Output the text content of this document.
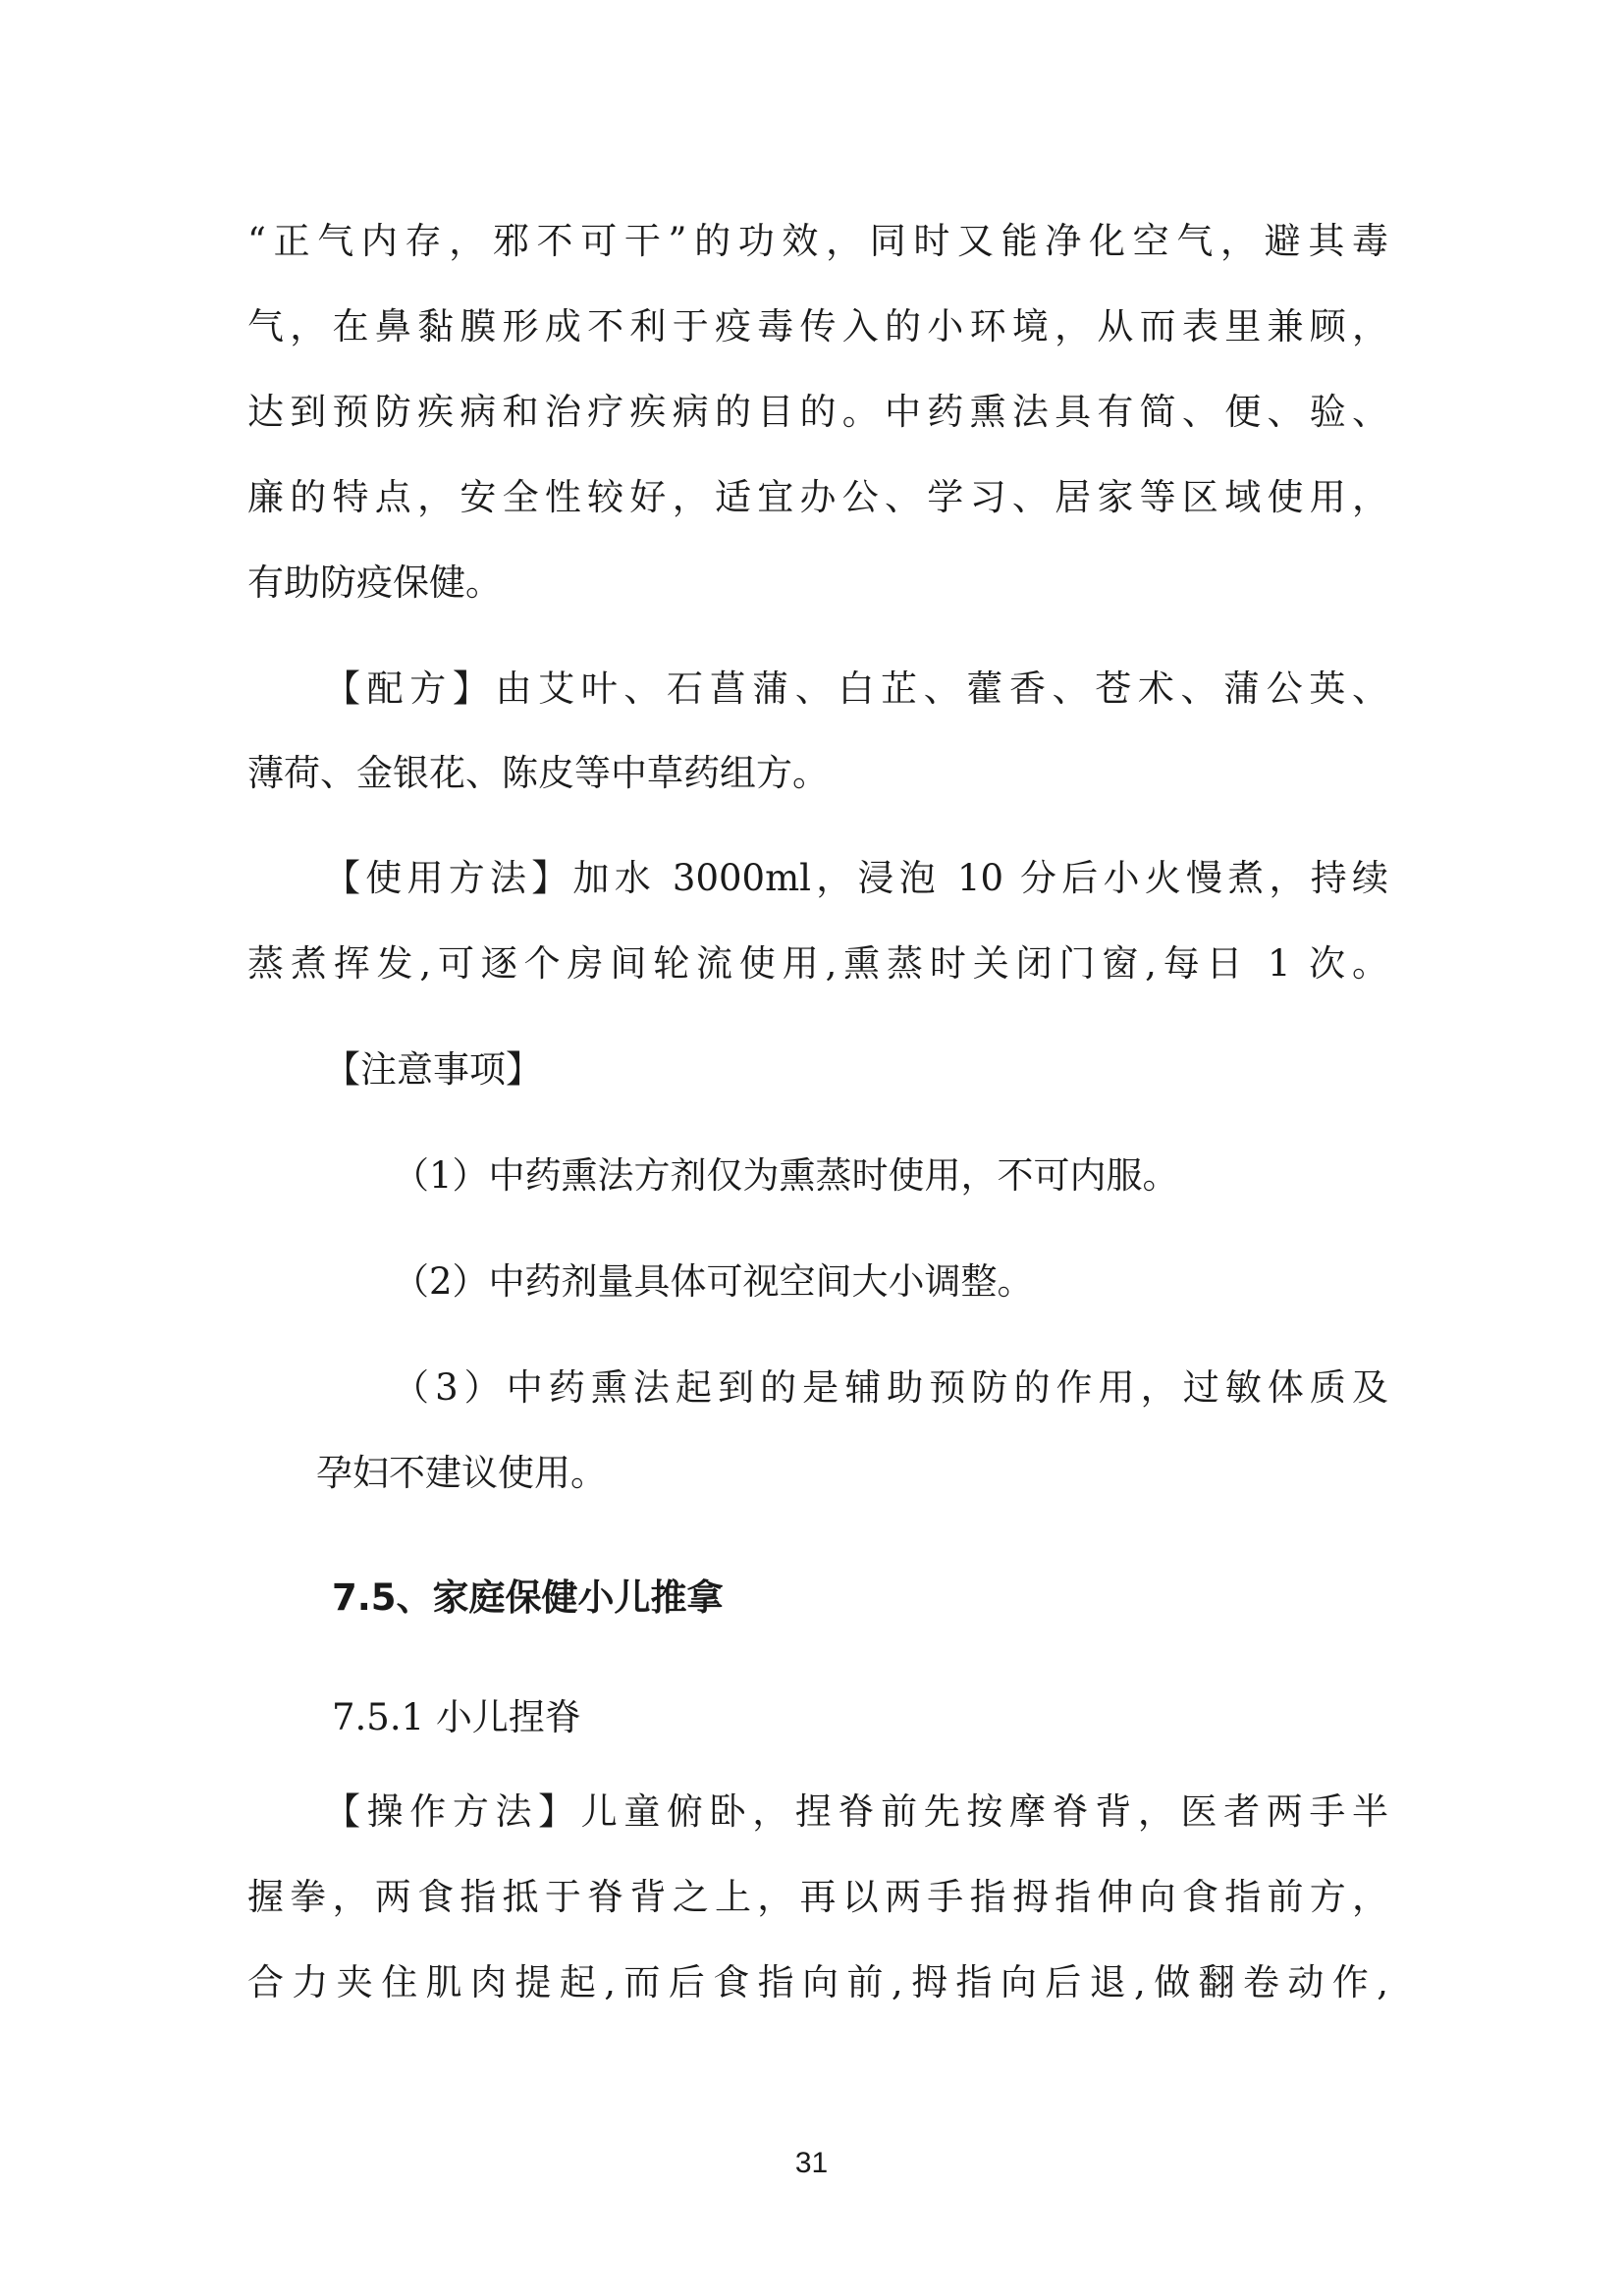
“正气内存，邪不可干”的功效，同时又能净化空气，避其毒
气，在鼻黏膜形成不利于疫毒传入的小环境，从而表里兼顾，
达到预防疾病和治疗疾病的目的。中药熏法具有简、便、验、
廉的特点，安全性较好，适宜办公、学习、居家等区域使用，
有助防疫保健。
【配方】由艾叶、石菖蒲、白芷、藿香、苍术、蒲公英、
薄荷、金银花、陈皮等中草药组方。
【使用方法】加水 3000ml，浸泡 10 分后小火慢煮，持续
蒸煮挥发,可逐个房间轮流使用,熏蒸时关闭门窗,每日 1 次。
【注意事项】
（1）中药熏法方剂仅为熏蒸时使用，不可内服。
（2）中药剂量具体可视空间大小调整。
（3）中药熏法起到的是辅助预防的作用，过敏体质及
孕妇不建议使用。
7.5、家庭保健小儿推拿
7.5.1 小儿捏脊
【操作方法】儿童俯卧，捏脊前先按摩脊背，医者两手半
握拳，两食指抵于脊背之上，再以两手指拇指伸向食指前方，
合力夹住肌肉提起,而后食指向前,拇指向后退,做翻卷动作,
31
